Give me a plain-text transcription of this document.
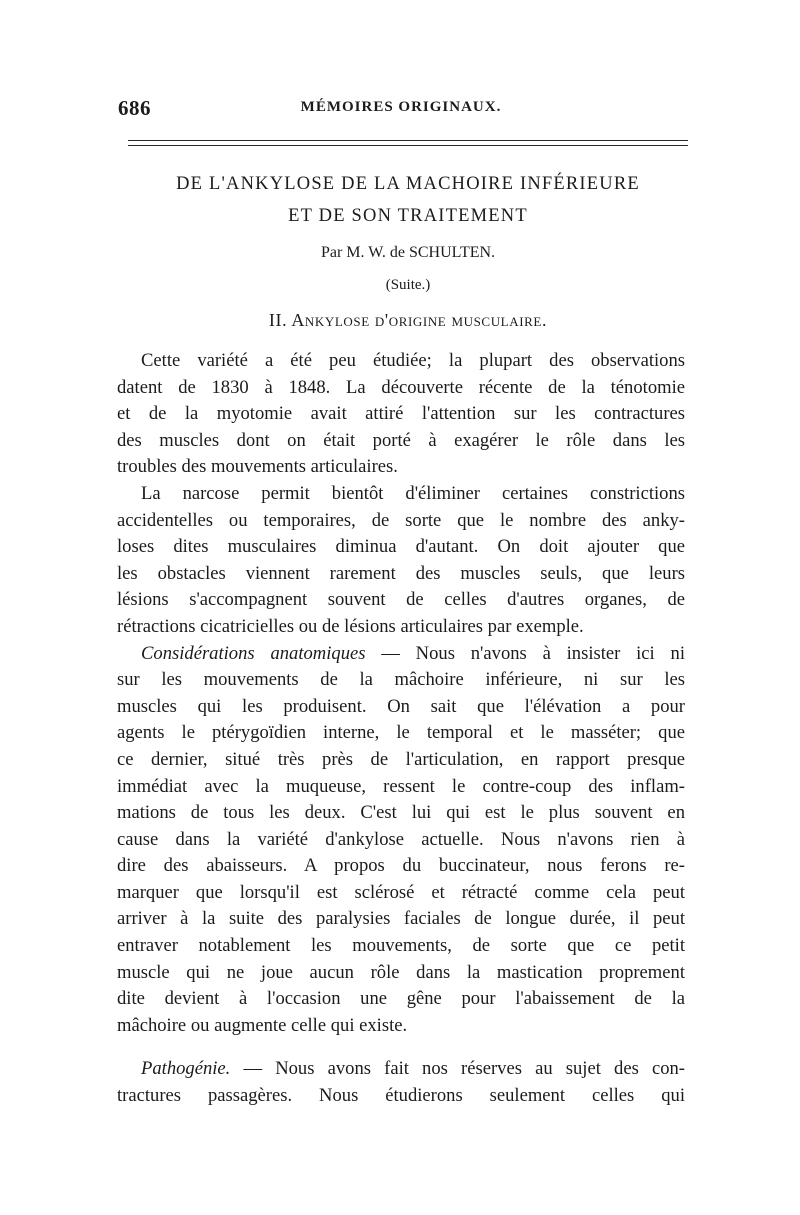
686	MÉMOIRES ORIGINAUX.
DE L'ANKYLOSE DE LA MACHOIRE INFÉRIEURE
ET DE SON TRAITEMENT
Par M. W. de SCHULTEN.
(Suite.)
II. Ankylose d'origine musculaire.
Cette variété a été peu étudiée; la plupart des observations
datent de 1830 à 1848. La découverte récente de la ténotomie
et de la myotomie avait attiré l'attention sur les contractures
des muscles dont on était porté à exagérer le rôle dans les
troubles des mouvements articulaires.
La narcose permit bientôt d'éliminer certaines constrictions
accidentelles ou temporaires, de sorte que le nombre des anky-
loses dites musculaires diminua d'autant. On doit ajouter que
les obstacles viennent rarement des muscles seuls, que leurs
lésions s'accompagnent souvent de celles d'autres organes, de
rétractions cicatricielles ou de lésions articulaires par exemple.
Considérations anatomiques — Nous n'avons à insister ici ni
sur les mouvements de la mâchoire inférieure, ni sur les
muscles qui les produisent. On sait que l'élévation a pour
agents le ptérygoïdien interne, le temporal et le masséter; que
ce dernier, situé très près de l'articulation, en rapport presque
immédiat avec la muqueuse, ressent le contre-coup des inflam-
mations de tous les deux. C'est lui qui est le plus souvent en
cause dans la variété d'ankylose actuelle. Nous n'avons rien à
dire des abaisseurs. A propos du buccinateur, nous ferons re-
marquer que lorsqu'il est sclérosé et rétracté comme cela peut
arriver à la suite des paralysies faciales de longue durée, il peut
entraver notablement les mouvements, de sorte que ce petit
muscle qui ne joue aucun rôle dans la mastication proprement
dite devient à l'occasion une gêne pour l'abaissement de la
mâchoire ou augmente celle qui existe.
Pathogénie. — Nous avons fait nos réserves au sujet des con-
tractures passagères. Nous étudierons seulement celles qui
